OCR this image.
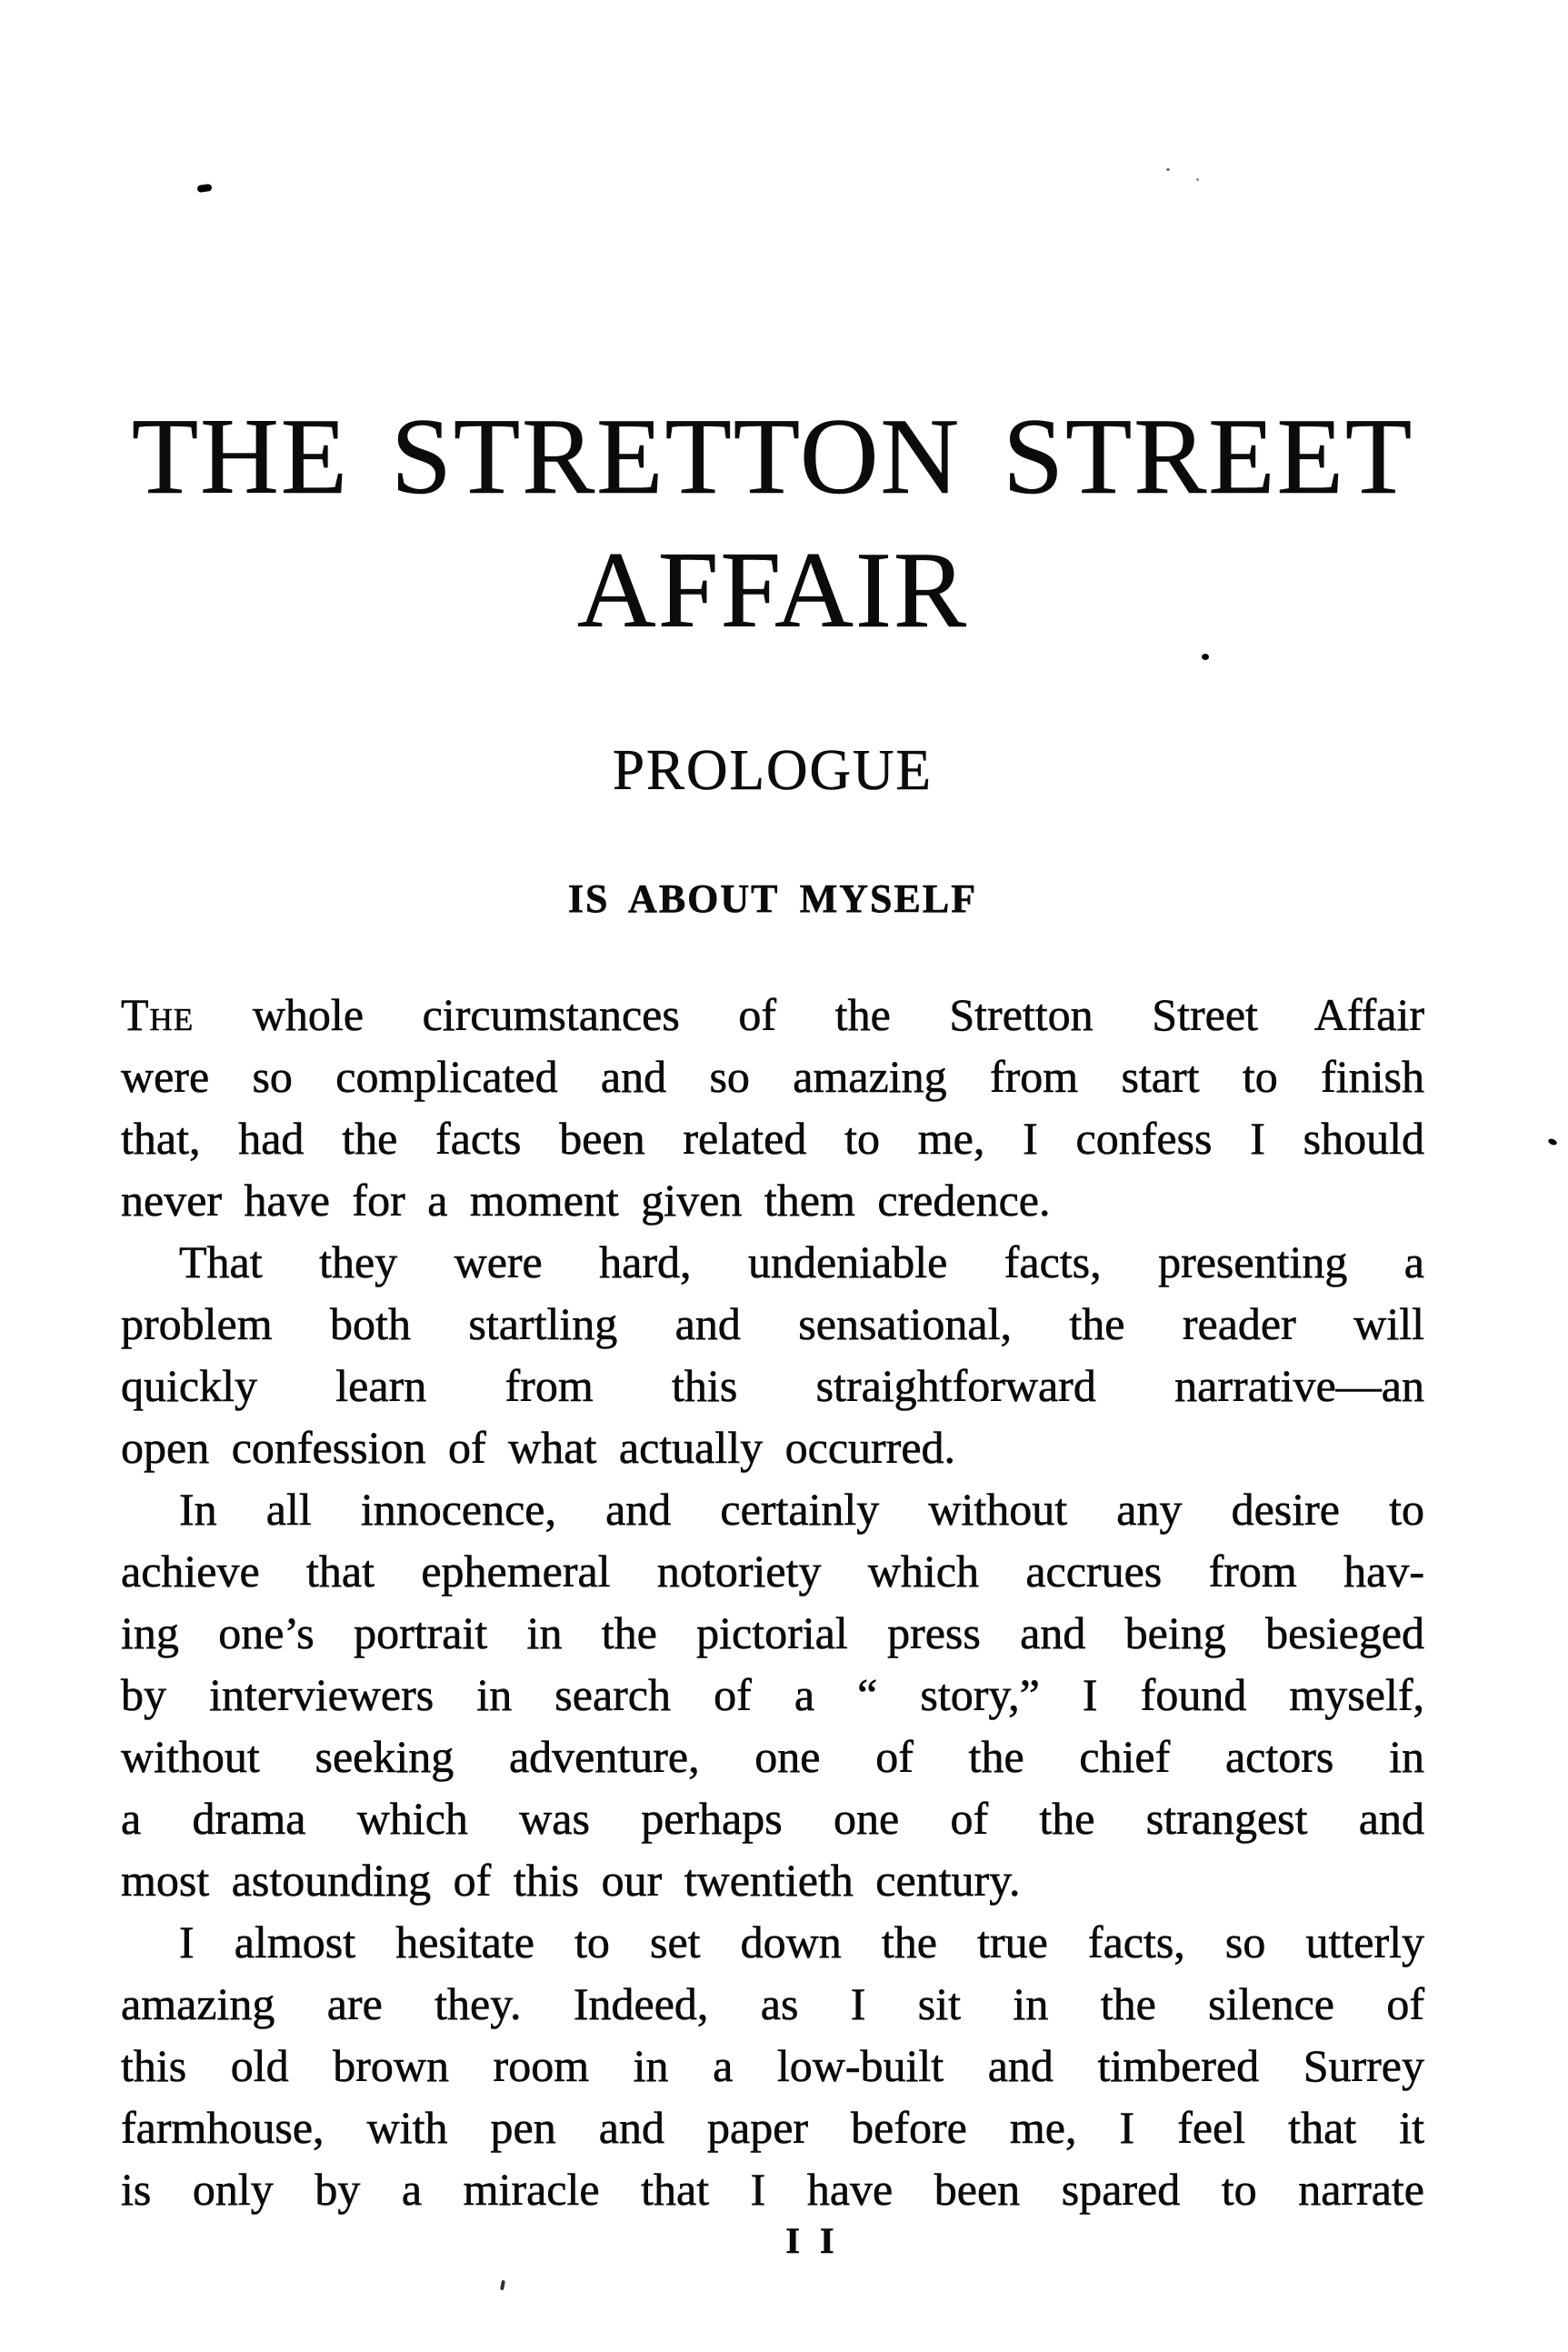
THE STRETTON STREET
AFFAIR
PROLOGUE
IS ABOUT MYSELF
The whole circumstances of the Stretton Street Affair
were so complicated and so amazing from start to finish
that, had the facts been related to me, I confess I should
never have for a moment given them credence.
That they were hard, undeniable facts, presenting a
problem both startling and sensational, the reader will
quickly learn from this straightforward narrative—an
open confession of what actually occurred.
In all innocence, and certainly without any desire to
achieve that ephemeral notoriety which accrues from hav-
ing one’s portrait in the pictorial press and being besieged
by interviewers in search of a “ story,” I found myself,
without seeking adventure, one of the chief actors in
a drama which was perhaps one of the strangest and
most astounding of this our twentieth century.
I almost hesitate to set down the true facts, so utterly
amazing are they. Indeed, as I sit in the silence of
this old brown room in a low-built and timbered Surrey
farmhouse, with pen and paper before me, I feel that it
is only by a miracle that I have been spared to narrate
II
